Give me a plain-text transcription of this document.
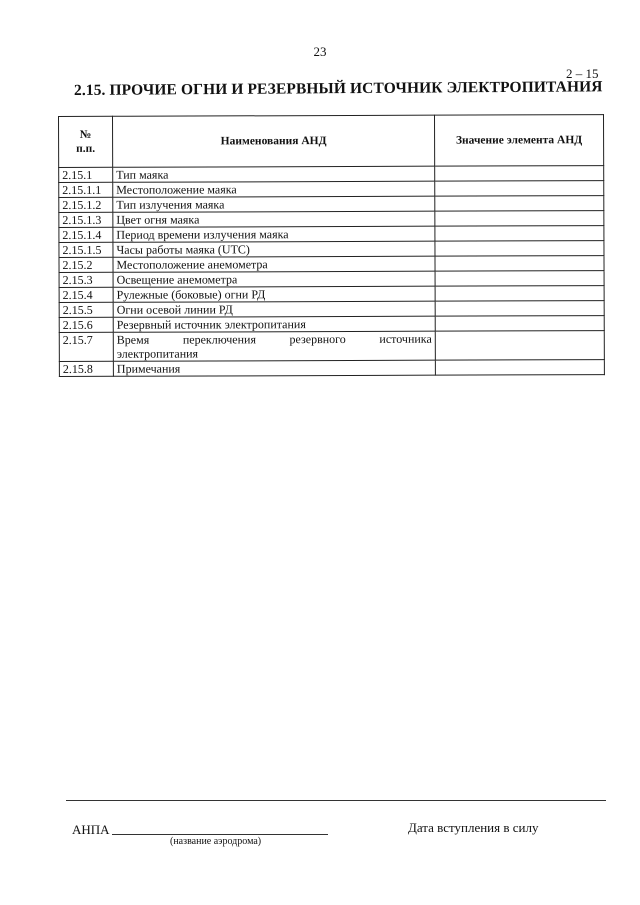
23
2 – 15
2.15. ПРОЧИЕ ОГНИ И РЕЗЕРВНЫЙ ИСТОЧНИК ЭЛЕКТРОПИТАНИЯ
№
п.п.	Наименования АНД	Значение элемента АНД
2.15.1	Тип маяка	
2.15.1.1	Местоположение маяка	
2.15.1.2	Тип излучения маяка	
2.15.1.3	Цвет огня маяка	
2.15.1.4	Период времени излучения маяка	
2.15.1.5	Часы работы маяка (UTC)	
2.15.2	Местоположение анемометра	
2.15.3	Освещение анемометра	
2.15.4	Рулежные (боковые) огни РД	
2.15.5	Огни осевой линии РД	
2.15.6	Резервный источник электропитания	
2.15.7	Время переключения резервного источника
электропитания	

2.15.8	Примечания	
АНПА
(название аэродрома)
Дата вступления в силу
